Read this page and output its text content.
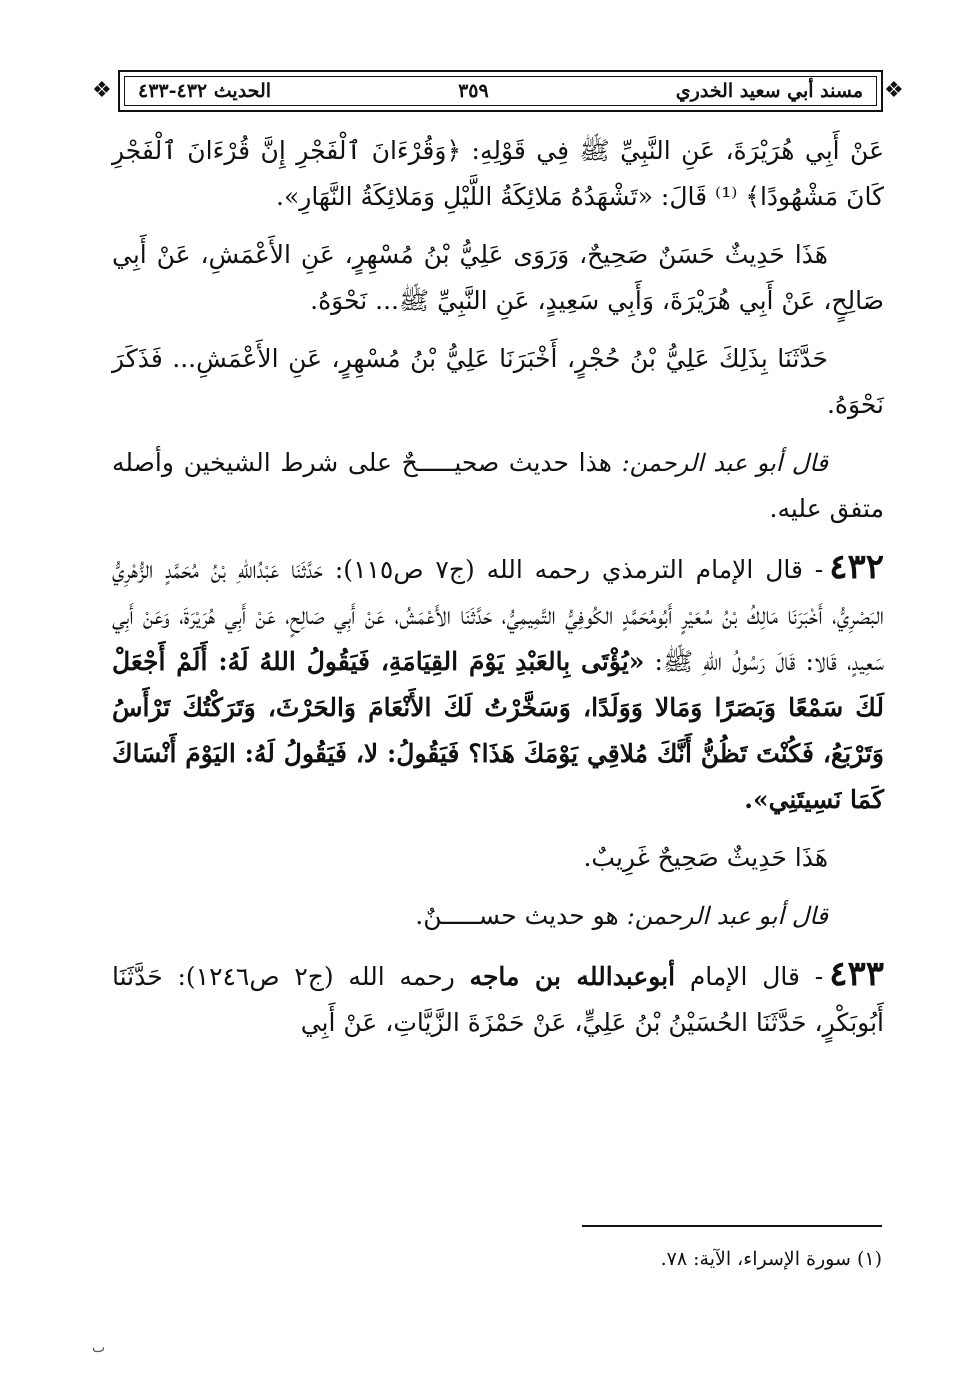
❖
❖	مسند أبي سعيد الخدري
٣٥٩
الحديث ٤٣٢-٤٣٣

عَنْ أَبِي هُرَيْرَةَ، عَنِ النَّبِيِّ ﷺ فِي قَوْلِهِ: ﴿وَقُرْءَانَ ٱلْفَجْرِ إِنَّ قُرْءَانَ ٱلْفَجْرِ كَانَ مَشْهُودًا﴾ ⁽¹⁾ قَالَ: «تَشْهَدُهُ مَلائِكَةُ اللَّيْلِ وَمَلائِكَةُ النَّهَارِ».

هَذَا حَدِيثٌ حَسَنٌ صَحِيحٌ، وَرَوَى عَلِيُّ بْنُ مُسْهِرٍ، عَنِ الأَعْمَشِ، عَنْ أَبِي صَالِحٍ، عَنْ أَبِي هُرَيْرَةَ، وَأَبِي سَعِيدٍ، عَنِ النَّبِيِّ ﷺ... نَحْوَهُ.

حَدَّثَنَا بِذَلِكَ عَلِيُّ بْنُ حُجْرٍ، أَخْبَرَنَا عَلِيُّ بْنُ مُسْهِرٍ، عَنِ الأَعْمَشِ... فَذَكَرَ نَحْوَهُ.

قال أبو عبد الرحمن: هذا حديث صحيـــــحٌ على شرط الشيخين وأصله متفق عليه.

٤٣٢- قال الإمام الترمذي رحمه الله (ج٧ ص١١٥): حَدَّثَنَا عَبْدُاللهِ بْنُ مُحَمَّدٍ الزُّهْرِيُّ البَصْرِيُّ، أَخْبَرَنَا مَالِكُ بْنُ سُعَيْرٍ أَبُومُحَمَّدٍ الكُوفِيُّ التَّمِيمِيُّ، حَدَّثَنَا الأَعْمَشُ، عَنْ أَبِي صَالِحٍ، عَنْ أَبِي هُرَيْرَةَ، وَعَنْ أَبِي سَعِيدٍ، قَالا: قَالَ رَسُولُ اللهِ ﷺ: «يُؤْتَى بِالعَبْدِ يَوْمَ القِيَامَةِ، فَيَقُولُ اللهُ لَهُ: أَلَمْ أَجْعَلْ لَكَ سَمْعًا وَبَصَرًا وَمَالا وَوَلَدًا، وَسَخَّرْتُ لَكَ الأَنْعَامَ وَالحَرْثَ، وَتَرَكْتُكَ تَرْأَسُ وَتَرْبَعُ، فَكُنْتَ تَظُنُّ أَنَّكَ مُلاقِي يَوْمَكَ هَذَا؟ فَيَقُولُ: لا، فَيَقُولُ لَهُ: اليَوْمَ أَنْسَاكَ كَمَا نَسِيتَنِي».

هَذَا حَدِيثٌ صَحِيحٌ غَرِيبٌ.

قال أبو عبد الرحمن: هو حديث حســـــنٌ.

٤٣٣- قال الإمام أبوعبدالله بن ماجه رحمه الله (ج٢ ص١٢٤٦): حَدَّثَنَا أَبُوبَكْرٍ، حَدَّثَنَا الحُسَيْنُ بْنُ عَلِيٍّ، عَنْ حَمْزَةَ الزَّيَّاتِ، عَنْ أَبِي

(١) سورة الإسراء، الآية: ٧٨.
ٮ
